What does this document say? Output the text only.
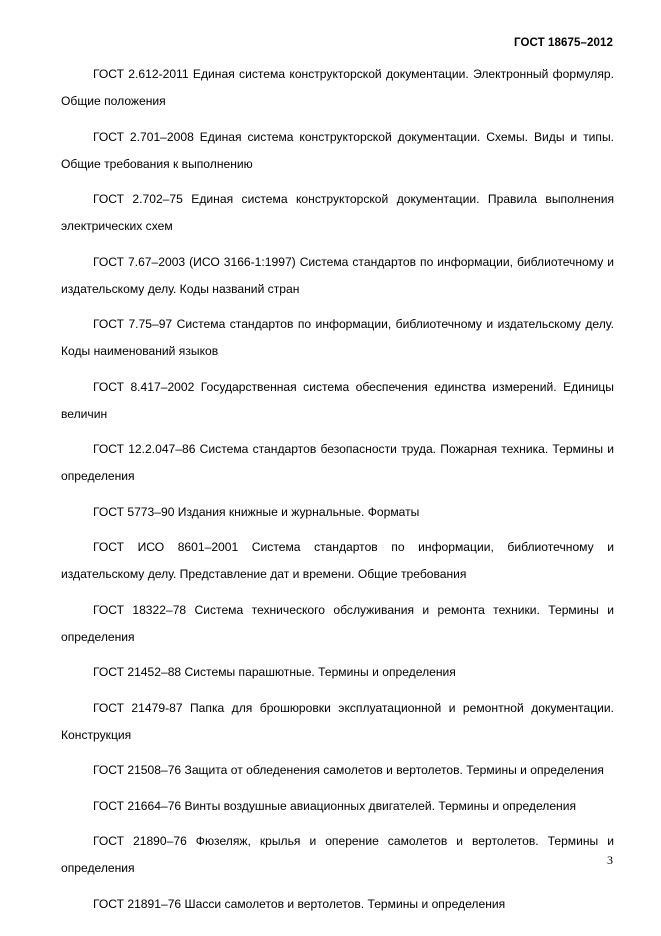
ГОСТ 18675–2012

ГОСТ 2.612-2011 Единая система конструкторской документации. Электронный формуляр. Общие положения

ГОСТ 2.701–2008 Единая система конструкторской документации. Схемы. Виды и типы. Общие требования к выполнению

ГОСТ 2.702–75 Единая система конструкторской документации. Правила выполнения электрических схем

ГОСТ 7.67–2003 (ИСО 3166-1:1997) Система стандартов по информации, библиотечному и издательскому делу. Коды названий стран

ГОСТ 7.75–97 Система стандартов по информации, библиотечному и издательскому делу. Коды наименований языков

ГОСТ 8.417–2002 Государственная система обеспечения единства измерений. Единицы величин

ГОСТ 12.2.047–86 Система стандартов безопасности труда. Пожарная техника. Термины и определения

ГОСТ 5773–90 Издания книжные и журнальные. Форматы

ГОСТ ИСО 8601–2001 Система стандартов по информации, библиотечному и издательскому делу. Представление дат и времени. Общие требования

ГОСТ 18322–78 Система технического обслуживания и ремонта техники. Термины и определения

ГОСТ 21452–88 Системы парашютные. Термины и определения

ГОСТ 21479-87 Папка для брошюровки эксплуатационной и ремонтной документации. Конструкция

ГОСТ 21508–76 Защита от обледенения самолетов и вертолетов. Термины и определения

ГОСТ 21664–76 Винты воздушные авиационных двигателей. Термины и определения

ГОСТ 21890–76 Фюзеляж, крылья и оперение самолетов и вертолетов. Термины и определения

ГОСТ 21891–76 Шасси самолетов и вертолетов. Термины и определения

3
